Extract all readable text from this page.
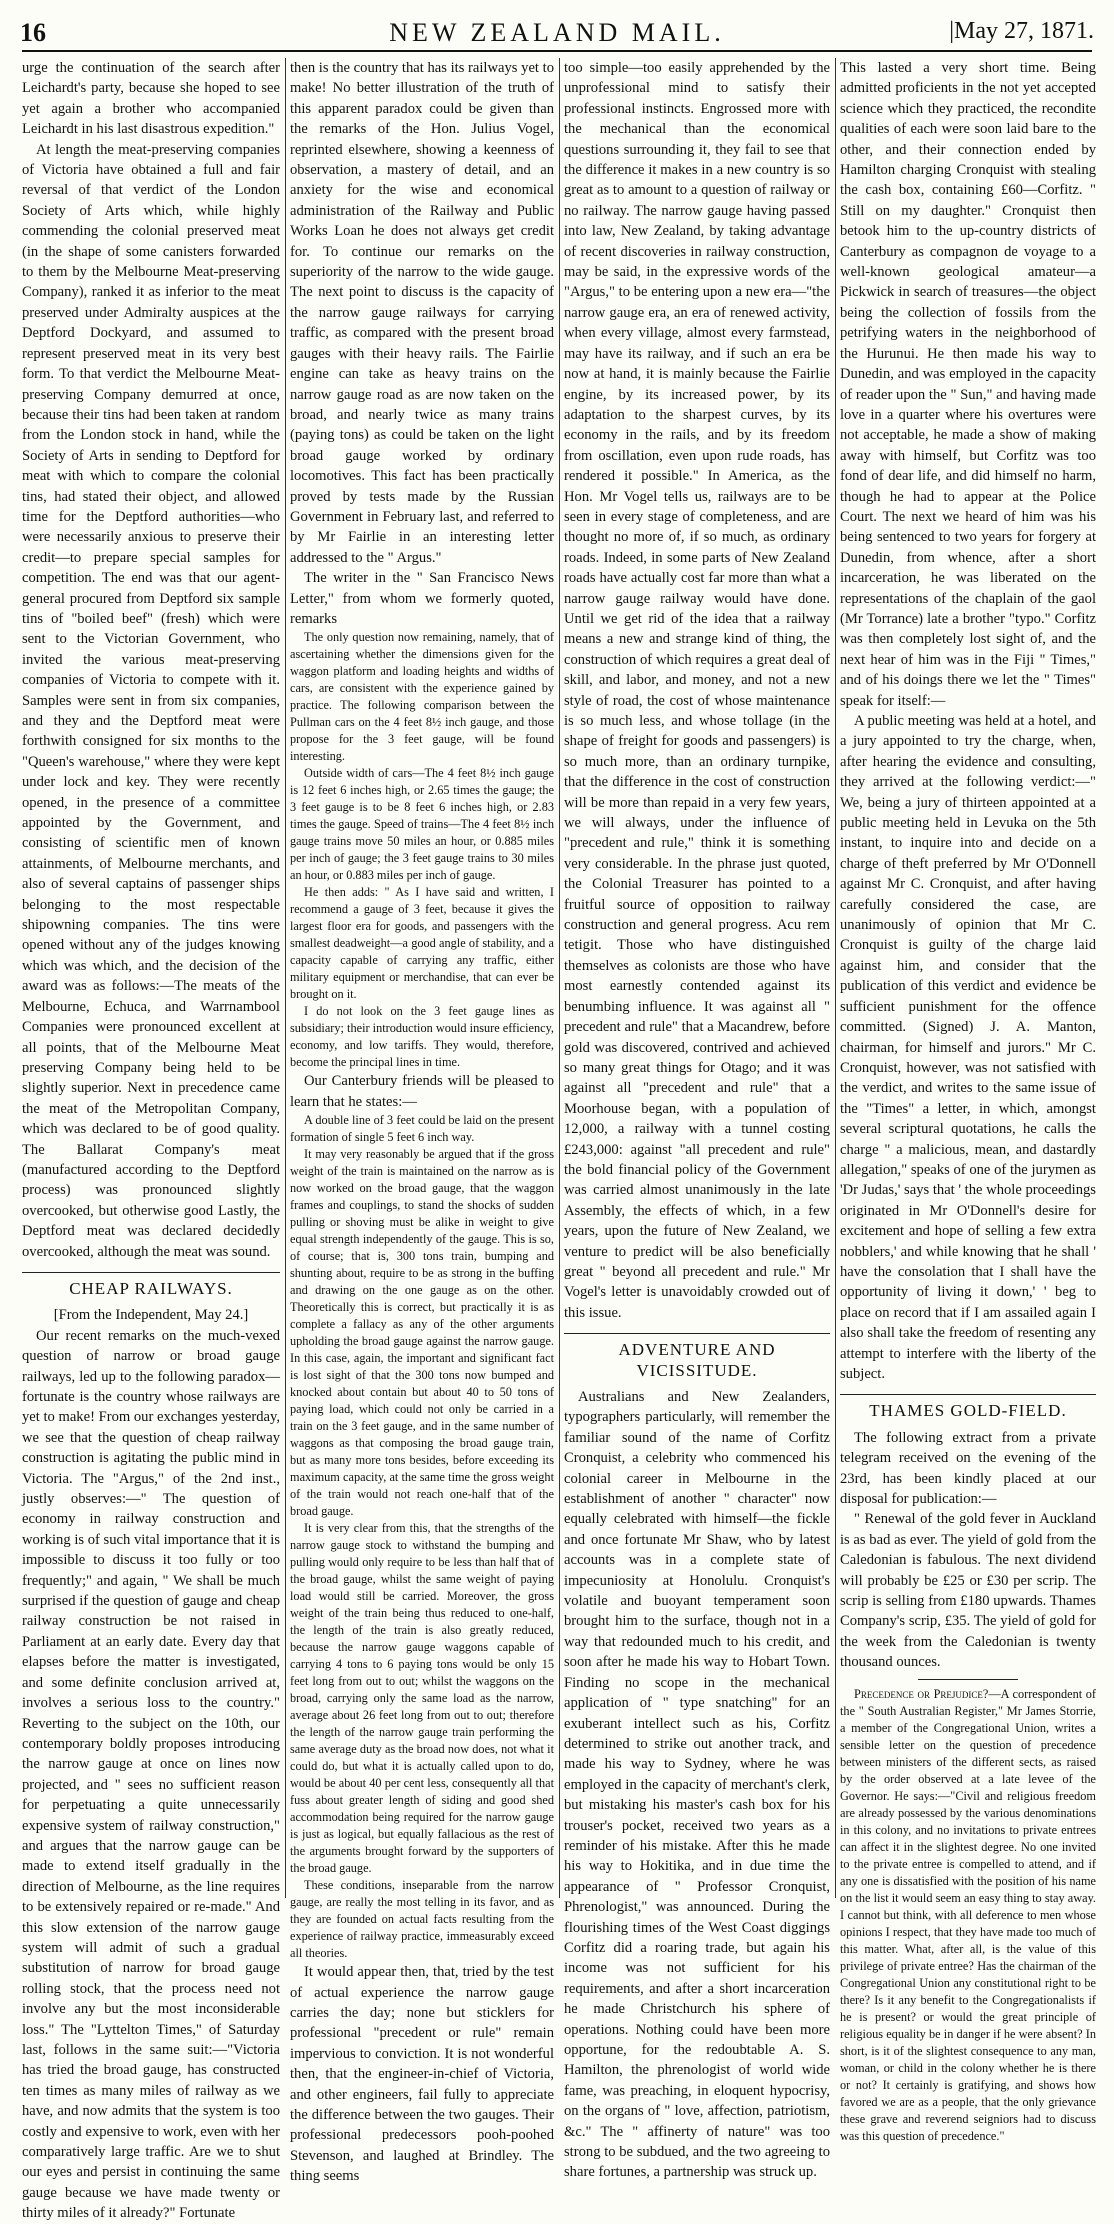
16	NEW ZEALAND MAIL.	|May 27, 1871.

urge the continuation of the search after Leichardt's party, because she hoped to see yet again a brother who accompanied Leichardt in his last disastrous expedition."

At length the meat-preserving companies of Victoria have obtained a full and fair reversal of that verdict of the London Society of Arts which, while highly commending the colonial preserved meat (in the shape of some canisters forwarded to them by the Melbourne Meat-preserving Company), ranked it as inferior to the meat preserved under Admiralty auspices at the Deptford Dockyard, and assumed to represent preserved meat in its very best form. To that verdict the Melbourne Meat-preserving Company demurred at once, because their tins had been taken at random from the London stock in hand, while the Society of Arts in sending to Deptford for meat with which to compare the colonial tins, had stated their object, and allowed time for the Deptford authorities—who were necessarily anxious to preserve their credit—to prepare special samples for competition. The end was that our agent-general procured from Deptford six sample tins of "boiled beef" (fresh) which were sent to the Victorian Government, who invited the various meat-preserving companies of Victoria to compete with it. Samples were sent in from six companies, and they and the Deptford meat were forthwith consigned for six months to the "Queen's warehouse," where they were kept under lock and key. They were recently opened, in the presence of a committee appointed by the Government, and consisting of scientific men of known attainments, of Melbourne merchants, and also of several captains of passenger ships belonging to the most respectable shipowning companies. The tins were opened without any of the judges knowing which was which, and the decision of the award was as follows:—The meats of the Melbourne, Echuca, and Warrnambool Companies were pronounced excellent at all points, that of the Melbourne Meat preserving Company being held to be slightly superior. Next in precedence came the meat of the Metropolitan Company, which was declared to be of good quality. The Ballarat Company's meat (manufactured according to the Deptford process) was pronounced slightly overcooked, but otherwise good Lastly, the Deptford meat was declared decidedly overcooked, although the meat was sound.

CHEAP RAILWAYS.

[From the Independent, May 24.]

Our recent remarks on the much-vexed question of narrow or broad gauge railways, led up to the following paradox—fortunate is the country whose railways are yet to make! From our exchanges yesterday, we see that the question of cheap railway construction is agitating the public mind in Victoria. The "Argus," of the 2nd inst., justly observes:—" The question of economy in railway construction and working is of such vital importance that it is impossible to discuss it too fully or too frequently;" and again, " We shall be much surprised if the question of gauge and cheap railway construction be not raised in Parliament at an early date. Every day that elapses before the matter is investigated, and some definite conclusion arrived at, involves a serious loss to the country." Reverting to the subject on the 10th, our contemporary boldly proposes introducing the narrow gauge at once on lines now projected, and " sees no sufficient reason for perpetuating a quite unnecessarily expensive system of railway construction," and argues that the narrow gauge can be made to extend itself gradually in the direction of Melbourne, as the line requires to be extensively repaired or re-made." And this slow extension of the narrow gauge system will admit of such a gradual substitution of narrow for broad gauge rolling stock, that the process need not involve any but the most inconsiderable loss." The "Lyttelton Times," of Saturday last, follows in the same suit:—"Victoria has tried the broad gauge, has constructed ten times as many miles of railway as we have, and now admits that the system is too costly and expensive to work, even with her comparatively large traffic. Are we to shut our eyes and persist in continuing the same gauge because we have made twenty or thirty miles of it already?" Fortunate

then is the country that has its railways yet to make! No better illustration of the truth of this apparent paradox could be given than the remarks of the Hon. Julius Vogel, reprinted elsewhere, showing a keenness of observation, a mastery of detail, and an anxiety for the wise and economical administration of the Railway and Public Works Loan he does not always get credit for. To continue our remarks on the superiority of the narrow to the wide gauge. The next point to discuss is the capacity of the narrow gauge railways for carrying traffic, as compared with the present broad gauges with their heavy rails. The Fairlie engine can take as heavy trains on the narrow gauge road as are now taken on the broad, and nearly twice as many trains (paying tons) as could be taken on the light broad gauge worked by ordinary locomotives. This fact has been practically proved by tests made by the Russian Government in February last, and referred to by Mr Fairlie in an interesting letter addressed to the " Argus."

The writer in the " San Francisco News Letter," from whom we formerly quoted, remarks

The only question now remaining, namely, that of ascertaining whether the dimensions given for the waggon platform and loading heights and widths of cars, are consistent with the experience gained by practice. The following comparison between the Pullman cars on the 4 feet 8½ inch gauge, and those propose for the 3 feet gauge, will be found interesting.

Outside width of cars—The 4 feet 8½ inch gauge is 12 feet 6 inches high, or 2.65 times the gauge; the 3 feet gauge is to be 8 feet 6 inches high, or 2.83 times the gauge. Speed of trains—The 4 feet 8½ inch gauge trains move 50 miles an hour, or 0.885 miles per inch of gauge; the 3 feet gauge trains to 30 miles an hour, or 0.883 miles per inch of gauge.

He then adds: " As I have said and written, I recommend a gauge of 3 feet, because it gives the largest floor era for goods, and passengers with the smallest deadweight—a good angle of stability, and a capacity capable of carrying any traffic, either military equipment or merchandise, that can ever be brought on it.

I do not look on the 3 feet gauge lines as subsidiary; their introduction would insure efficiency, economy, and low tariffs. They would, therefore, become the principal lines in time.

Our Canterbury friends will be pleased to learn that he states:—

A double line of 3 feet could be laid on the present formation of single 5 feet 6 inch way.

It may very reasonably be argued that if the gross weight of the train is maintained on the narrow as is now worked on the broad gauge, that the waggon frames and couplings, to stand the shocks of sudden pulling or shoving must be alike in weight to give equal strength independently of the gauge. This is so, of course; that is, 300 tons train, bumping and shunting about, require to be as strong in the buffing and drawing on the one gauge as on the other. Theoretically this is correct, but practically it is as complete a fallacy as any of the other arguments upholding the broad gauge against the narrow gauge. In this case, again, the important and significant fact is lost sight of that the 300 tons now bumped and knocked about contain but about 40 to 50 tons of paying load, which could not only be carried in a train on the 3 feet gauge, and in the same number of waggons as that composing the broad gauge train, but as many more tons besides, before exceeding its maximum capacity, at the same time the gross weight of the train would not reach one-half that of the broad gauge.

It is very clear from this, that the strengths of the narrow gauge stock to withstand the bumping and pulling would only require to be less than half that of the broad gauge, whilst the same weight of paying load would still be carried. Moreover, the gross weight of the train being thus reduced to one-half, the length of the train is also greatly reduced, because the narrow gauge waggons capable of carrying 4 tons to 6 paying tons would be only 15 feet long from out to out; whilst the waggons on the broad, carrying only the same load as the narrow, average about 26 feet long from out to out; therefore the length of the narrow gauge train performing the same average duty as the broad now does, not what it could do, but what it is actually called upon to do, would be about 40 per cent less, consequently all that fuss about greater length of siding and good shed accommodation being required for the narrow gauge is just as logical, but equally fallacious as the rest of the arguments brought forward by the supporters of the broad gauge.

These conditions, inseparable from the narrow gauge, are really the most telling in its favor, and as they are founded on actual facts resulting from the experience of railway practice, immeasurably exceed all theories.

It would appear then, that, tried by the test of actual experience the narrow gauge carries the day; none but sticklers for professional "precedent or rule" remain impervious to conviction. It is not wonderful then, that the engineer-in-chief of Victoria, and other engineers, fail fully to appreciate the difference between the two gauges. Their professional predecessors pooh-poohed Stevenson, and laughed at Brindley. The thing seems

too simple—too easily apprehended by the unprofessional mind to satisfy their professional instincts. Engrossed more with the mechanical than the economical questions surrounding it, they fail to see that the difference it makes in a new country is so great as to amount to a question of railway or no railway. The narrow gauge having passed into law, New Zealand, by taking advantage of recent discoveries in railway construction, may be said, in the expressive words of the "Argus," to be entering upon a new era—"the narrow gauge era, an era of renewed activity, when every village, almost every farmstead, may have its railway, and if such an era be now at hand, it is mainly because the Fairlie engine, by its increased power, by its adaptation to the sharpest curves, by its economy in the rails, and by its freedom from oscillation, even upon rude roads, has rendered it possible." In America, as the Hon. Mr Vogel tells us, railways are to be seen in every stage of completeness, and are thought no more of, if so much, as ordinary roads. Indeed, in some parts of New Zealand roads have actually cost far more than what a narrow gauge railway would have done. Until we get rid of the idea that a railway means a new and strange kind of thing, the construction of which requires a great deal of skill, and labor, and money, and not a new style of road, the cost of whose maintenance is so much less, and whose tollage (in the shape of freight for goods and passengers) is so much more, than an ordinary turnpike, that the difference in the cost of construction will be more than repaid in a very few years, we will always, under the influence of "precedent and rule," think it is something very considerable. In the phrase just quoted, the Colonial Treasurer has pointed to a fruitful source of opposition to railway construction and general progress. Acu rem tetigit. Those who have distinguished themselves as colonists are those who have most earnestly contended against its benumbing influence. It was against all " precedent and rule" that a Macandrew, before gold was discovered, contrived and achieved so many great things for Otago; and it was against all "precedent and rule" that a Moorhouse began, with a population of 12,000, a railway with a tunnel costing £243,000: against "all precedent and rule" the bold financial policy of the Government was carried almost unanimously in the late Assembly, the effects of which, in a few years, upon the future of New Zealand, we venture to predict will be also beneficially great " beyond all precedent and rule." Mr Vogel's letter is unavoidably crowded out of this issue.

ADVENTURE AND VICISSITUDE.

Australians and New Zealanders, typographers particularly, will remember the familiar sound of the name of Corfitz Cronquist, a celebrity who commenced his colonial career in Melbourne in the establishment of another " character" now equally celebrated with himself—the fickle and once fortunate Mr Shaw, who by latest accounts was in a complete state of impecuniosity at Honolulu. Cronquist's volatile and buoyant temperament soon brought him to the surface, though not in a way that redounded much to his credit, and soon after he made his way to Hobart Town. Finding no scope in the mechanical application of " type snatching" for an exuberant intellect such as his, Corfitz determined to strike out another track, and made his way to Sydney, where he was employed in the capacity of merchant's clerk, but mistaking his master's cash box for his trouser's pocket, received two years as a reminder of his mistake. After this he made his way to Hokitika, and in due time the appearance of " Professor Cronquist, Phrenologist," was announced. During the flourishing times of the West Coast diggings Corfitz did a roaring trade, but again his income was not sufficient for his requirements, and after a short incarceration he made Christchurch his sphere of operations. Nothing could have been more opportune, for the redoubtable A. S. Hamilton, the phrenologist of world wide fame, was preaching, in eloquent hypocrisy, on the organs of " love, affection, patriotism, &c." The " affinerty of nature" was too strong to be subdued, and the two agreeing to share fortunes, a partnership was struck up.

This lasted a very short time. Being admitted proficients in the not yet accepted science which they practiced, the recondite qualities of each were soon laid bare to the other, and their connection ended by Hamilton charging Cronquist with stealing the cash box, containing £60—Corfitz. " Still on my daughter." Cronquist then betook him to the up-country districts of Canterbury as compagnon de voyage to a well-known geological amateur—a Pickwick in search of treasures—the object being the collection of fossils from the petrifying waters in the neighborhood of the Hurunui. He then made his way to Dunedin, and was employed in the capacity of reader upon the " Sun," and having made love in a quarter where his overtures were not acceptable, he made a show of making away with himself, but Corfitz was too fond of dear life, and did himself no harm, though he had to appear at the Police Court. The next we heard of him was his being sentenced to two years for forgery at Dunedin, from whence, after a short incarceration, he was liberated on the representations of the chaplain of the gaol (Mr Torrance) late a brother "typo." Corfitz was then completely lost sight of, and the next hear of him was in the Fiji " Times," and of his doings there we let the " Times" speak for itself:—

A public meeting was held at a hotel, and a jury appointed to try the charge, when, after hearing the evidence and consulting, they arrived at the following verdict:—" We, being a jury of thirteen appointed at a public meeting held in Levuka on the 5th instant, to inquire into and decide on a charge of theft preferred by Mr O'Donnell against Mr C. Cronquist, and after having carefully considered the case, are unanimously of opinion that Mr C. Cronquist is guilty of the charge laid against him, and consider that the publication of this verdict and evidence be sufficient punishment for the offence committed. (Signed) J. A. Manton, chairman, for himself and jurors." Mr C. Cronquist, however, was not satisfied with the verdict, and writes to the same issue of the "Times" a letter, in which, amongst several scriptural quotations, he calls the charge " a malicious, mean, and dastardly allegation," speaks of one of the jurymen as 'Dr Judas,' says that ' the whole proceedings originated in Mr O'Donnell's desire for excitement and hope of selling a few extra nobblers,' and while knowing that he shall ' have the consolation that I shall have the opportunity of living it down,' ' beg to place on record that if I am assailed again I also shall take the freedom of resenting any attempt to interfere with the liberty of the subject.

THAMES GOLD-FIELD.

The following extract from a private telegram received on the evening of the 23rd, has been kindly placed at our disposal for publication:—

" Renewal of the gold fever in Auckland is as bad as ever. The yield of gold from the Caledonian is fabulous. The next dividend will probably be £25 or £30 per scrip. The scrip is selling from £180 upwards. Thames Company's scrip, £35. The yield of gold for the week from the Caledonian is twenty thousand ounces.

Precedence or Prejudice?—A correspondent of the " South Australian Register," Mr James Storrie, a member of the Congregational Union, writes a sensible letter on the question of precedence between ministers of the different sects, as raised by the order observed at a late levee of the Governor. He says:—"Civil and religious freedom are already possessed by the various denominations in this colony, and no invitations to private entrees can affect it in the slightest degree. No one invited to the private entree is compelled to attend, and if any one is dissatisfied with the position of his name on the list it would seem an easy thing to stay away. I cannot but think, with all deference to men whose opinions I respect, that they have made too much of this matter. What, after all, is the value of this privilege of private entree? Has the chairman of the Congregational Union any constitutional right to be there? Is it any benefit to the Congregationalists if he is present? or would the great principle of religious equality be in danger if he were absent? In short, is it of the slightest consequence to any man, woman, or child in the colony whether he is there or not? It certainly is gratifying, and shows how favored we are as a people, that the only grievance these grave and reverend seigniors had to discuss was this question of precedence."
